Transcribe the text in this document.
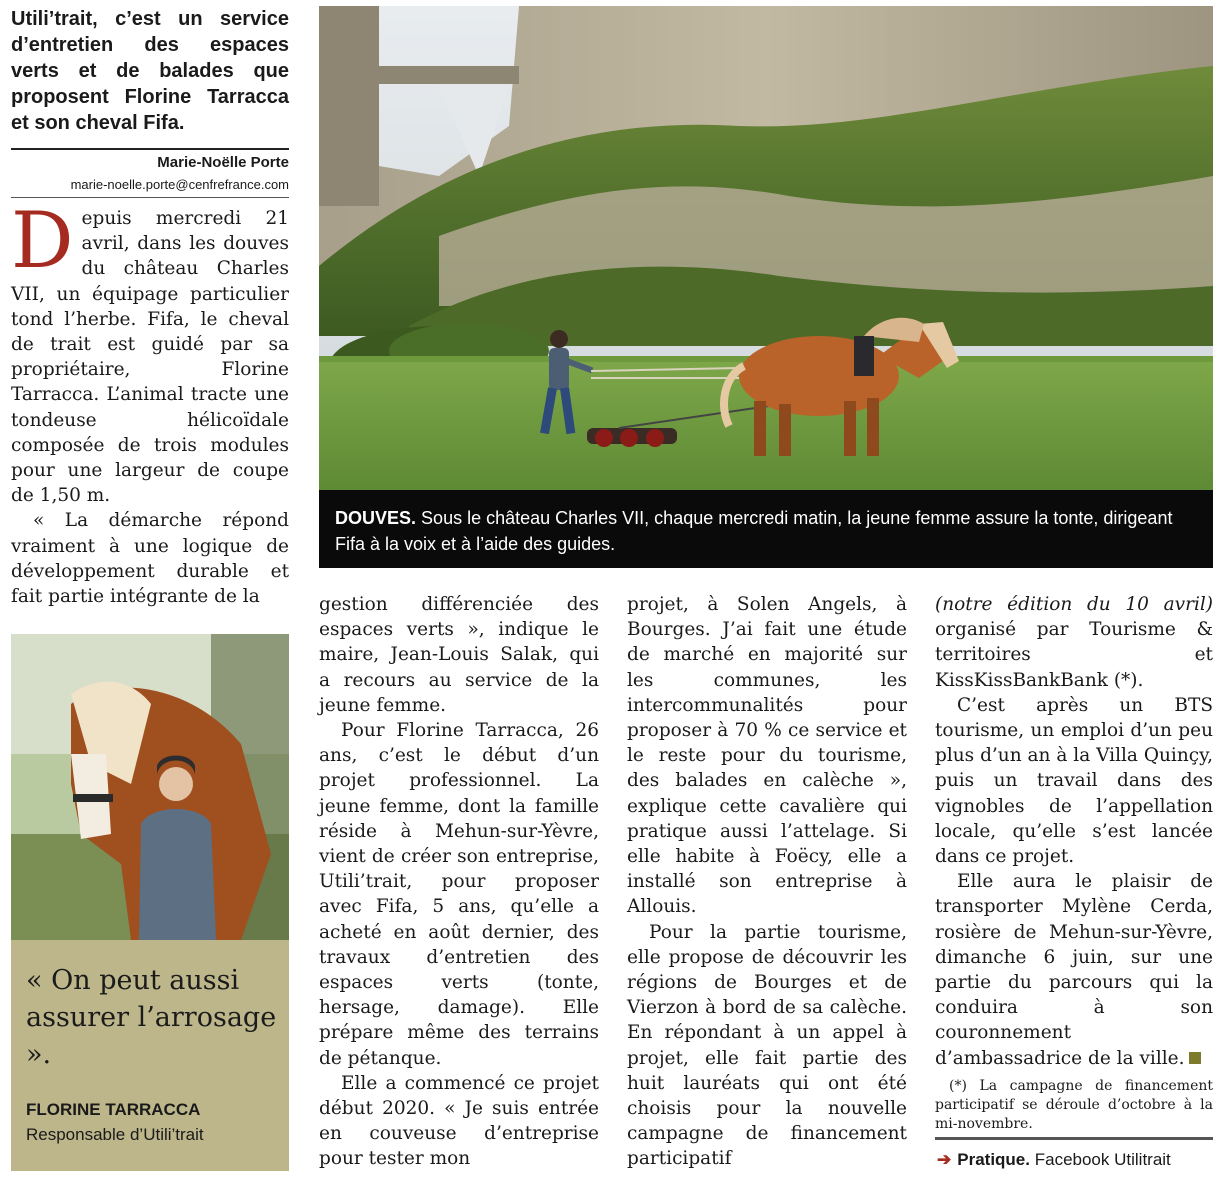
Utili’trait, c’est un service d’entretien des espaces verts et de balades que proposent Florine Tarracca et son cheval Fifa.
Marie-Noëlle Porte
marie-noelle.porte@cenfrefrance.com

Depuis mercredi 21 avril, dans les douves du château Charles VII, un équipage particulier tond l’herbe. Fifa, le cheval de trait est guidé par sa propriétaire, Florine Tarracca. L’animal tracte une tondeuse hélicoïdale composée de trois modules pour une largeur de coupe de 1,50 m.

« La démarche répond vraiment à une logique de développement durable et fait partie intégrante de la

DOUVES. Sous le château Charles VII, chaque mercredi matin, la jeune femme assure la tonte, dirigeant Fifa à la voix et à l’aide des guides.
« On peut aussi assurer l’arrosage ».
FLORINE TARRACCA
Responsable d’Utili’trait

gestion différenciée des espaces verts », indique le maire, Jean-Louis Salak, qui a recours au service de la jeune femme.

Pour Florine Tarracca, 26 ans, c’est le début d’un projet professionnel. La jeune femme, dont la famille réside à Mehun-sur-Yèvre, vient de créer son entreprise, Utili’trait, pour proposer avec Fifa, 5 ans, qu’elle a acheté en août dernier, des travaux d’entretien des espaces verts (tonte, hersage, damage). Elle prépare même des terrains de pétanque.

Elle a commencé ce projet début 2020. « Je suis entrée en couveuse d’entreprise pour tester mon

projet, à Solen Angels, à Bourges. J’ai fait une étude de marché en majorité sur les communes, les intercommunalités pour proposer à 70 % ce service et le reste pour du tourisme, des balades en calèche », explique cette cavalière qui pratique aussi l’attelage. Si elle habite à Foëcy, elle a installé son entreprise à Allouis.

Pour la partie tourisme, elle propose de découvrir les régions de Bourges et de Vierzon à bord de sa calèche. En répondant à un appel à projet, elle fait partie des huit lauréats qui ont été choisis pour la nouvelle campagne de financement participatif

(notre édition du 10 avril) organisé par Tourisme & territoires et KissKissBankBank (*).

C’est après un BTS tourisme, un emploi d’un peu plus d’un an à la Villa Quinçy, puis un travail dans des vignobles de l’appellation locale, qu’elle s’est lancée dans ce projet.

Elle aura le plaisir de transporter Mylène Cerda, rosière de Mehun-sur-Yèvre, dimanche 6 juin, sur une partie du parcours qui la conduira à son couronnement d’ambassadrice de la ville.

(*) La campagne de financement participatif se déroule d’octobre à la mi-novembre.

➔ Pratique. Facebook Utilitrait
